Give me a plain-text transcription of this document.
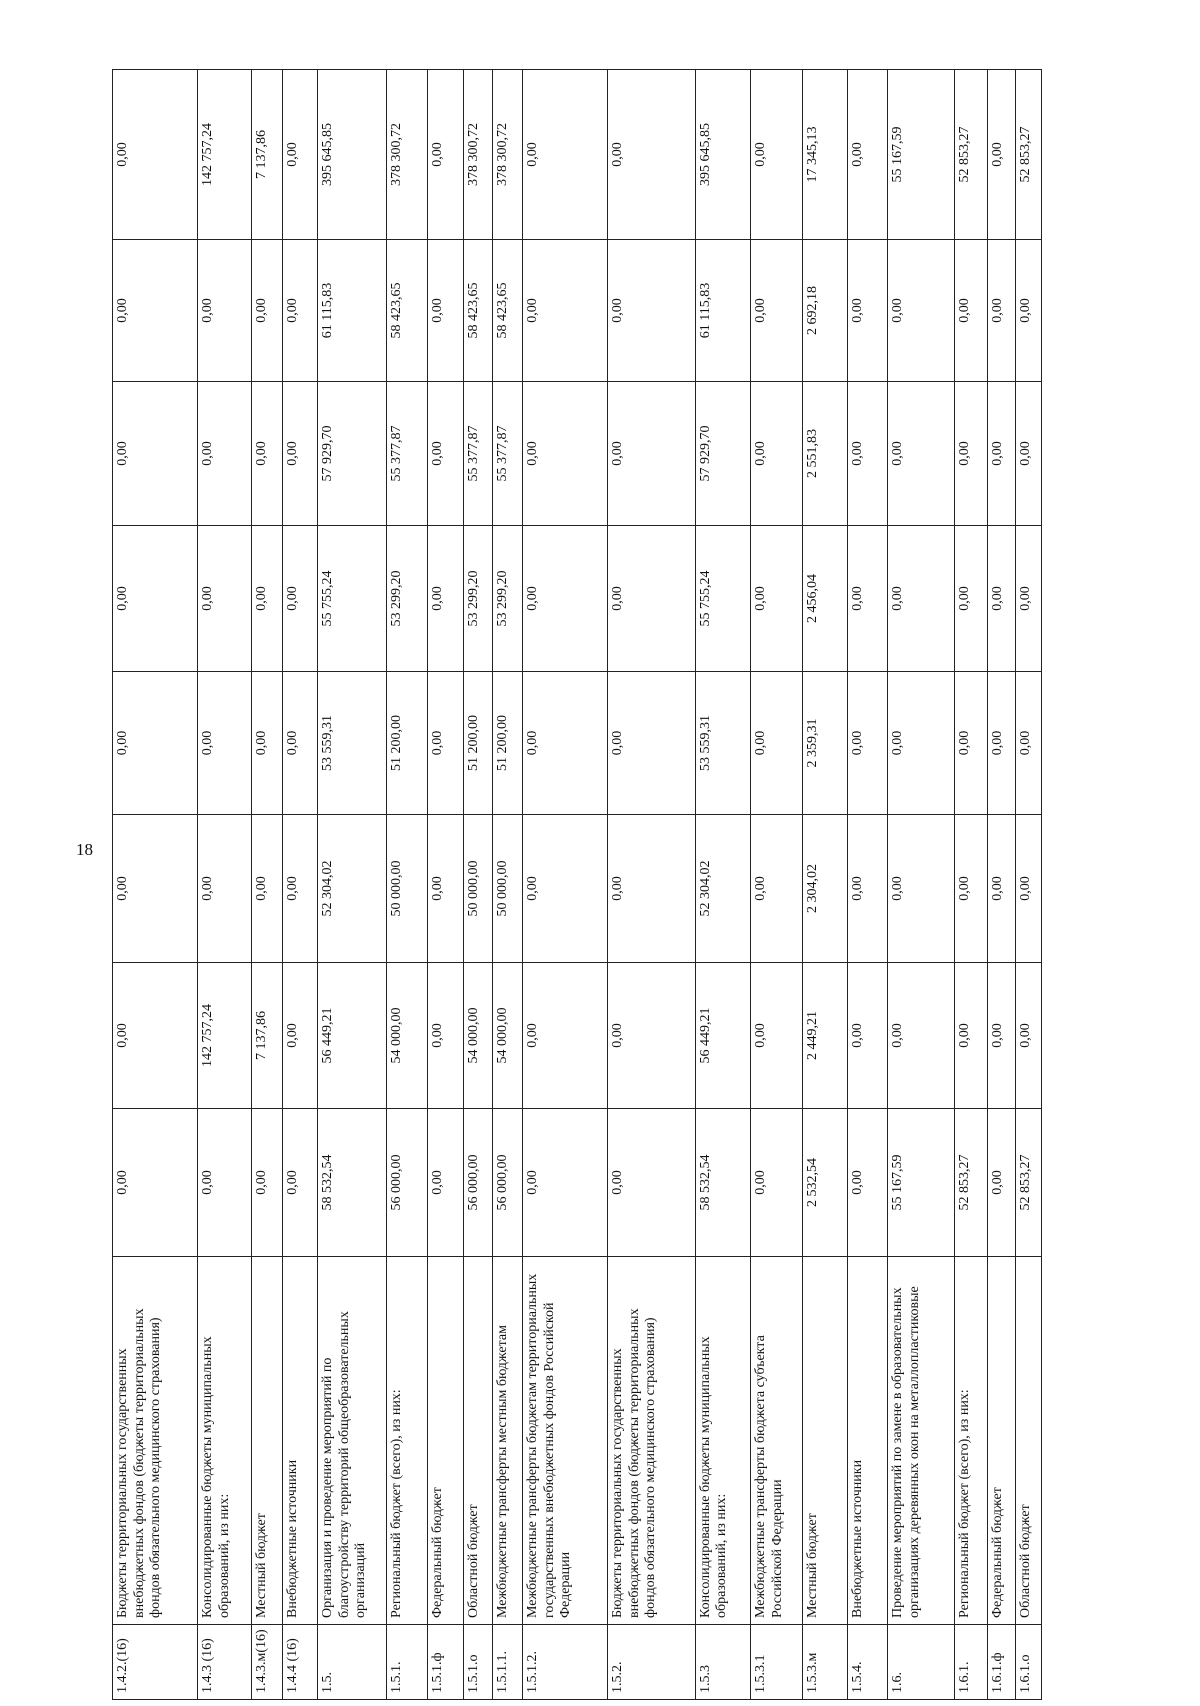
18
1.4.2.(16)	Бюджеты территориальных государственных внебюджетных фондов (бюджеты территориальных фондов обязательного медицинского страхования)	0,00	0,00	0,00	0,00	0,00	0,00	0,00	0,00
1.4.3 (16)	Консолидированные бюджеты муниципальных образований, из них:	0,00	142 757,24	0,00	0,00	0,00	0,00	0,00	142 757,24
1.4.3.м(16)	Местный бюджет	0,00	7 137,86	0,00	0,00	0,00	0,00	0,00	7 137,86
1.4.4 (16)	Внебюджетные источники	0,00	0,00	0,00	0,00	0,00	0,00	0,00	0,00
1.5.	Организация и проведение мероприятий по благоустройству территорий общеобразовательных организаций	58 532,54	56 449,21	52 304,02	53 559,31	55 755,24	57 929,70	61 115,83	395 645,85
1.5.1.	Региональный бюджет (всего), из них:	56 000,00	54 000,00	50 000,00	51 200,00	53 299,20	55 377,87	58 423,65	378 300,72
1.5.1.ф	Федеральный бюджет	0,00	0,00	0,00	0,00	0,00	0,00	0,00	0,00
1.5.1.о	Областной бюджет	56 000,00	54 000,00	50 000,00	51 200,00	53 299,20	55 377,87	58 423,65	378 300,72
1.5.1.1.	Межбюджетные трансферты местным бюджетам	56 000,00	54 000,00	50 000,00	51 200,00	53 299,20	55 377,87	58 423,65	378 300,72
1.5.1.2.	Межбюджетные трансферты бюджетам территориальных государственных внебюджетных фондов Российской Федерации	0,00	0,00	0,00	0,00	0,00	0,00	0,00	0,00
1.5.2.	Бюджеты территориальных государственных внебюджетных фондов (бюджеты территориальных фондов обязательного медицинского страхования)	0,00	0,00	0,00	0,00	0,00	0,00	0,00	0,00
1.5.3	Консолидированные бюджеты муниципальных образований, из них:	58 532,54	56 449,21	52 304,02	53 559,31	55 755,24	57 929,70	61 115,83	395 645,85
1.5.3.1	Межбюджетные трансферты бюджета субъекта Российской Федерации	0,00	0,00	0,00	0,00	0,00	0,00	0,00	0,00
1.5.3.м	Местный бюджет	2 532,54	2 449,21	2 304,02	2 359,31	2 456,04	2 551,83	2 692,18	17 345,13
1.5.4.	Внебюджетные источники	0,00	0,00	0,00	0,00	0,00	0,00	0,00	0,00
1.6.	Проведение мероприятий по замене в образовательных организациях деревянных окон на металлопластиковые	55 167,59	0,00	0,00	0,00	0,00	0,00	0,00	55 167,59
1.6.1.	Региональный бюджет (всего), из них:	52 853,27	0,00	0,00	0,00	0,00	0,00	0,00	52 853,27
1.6.1.ф	Федеральный бюджет	0,00	0,00	0,00	0,00	0,00	0,00	0,00	0,00
1.6.1.о	Областной бюджет	52 853,27	0,00	0,00	0,00	0,00	0,00	0,00	52 853,27
